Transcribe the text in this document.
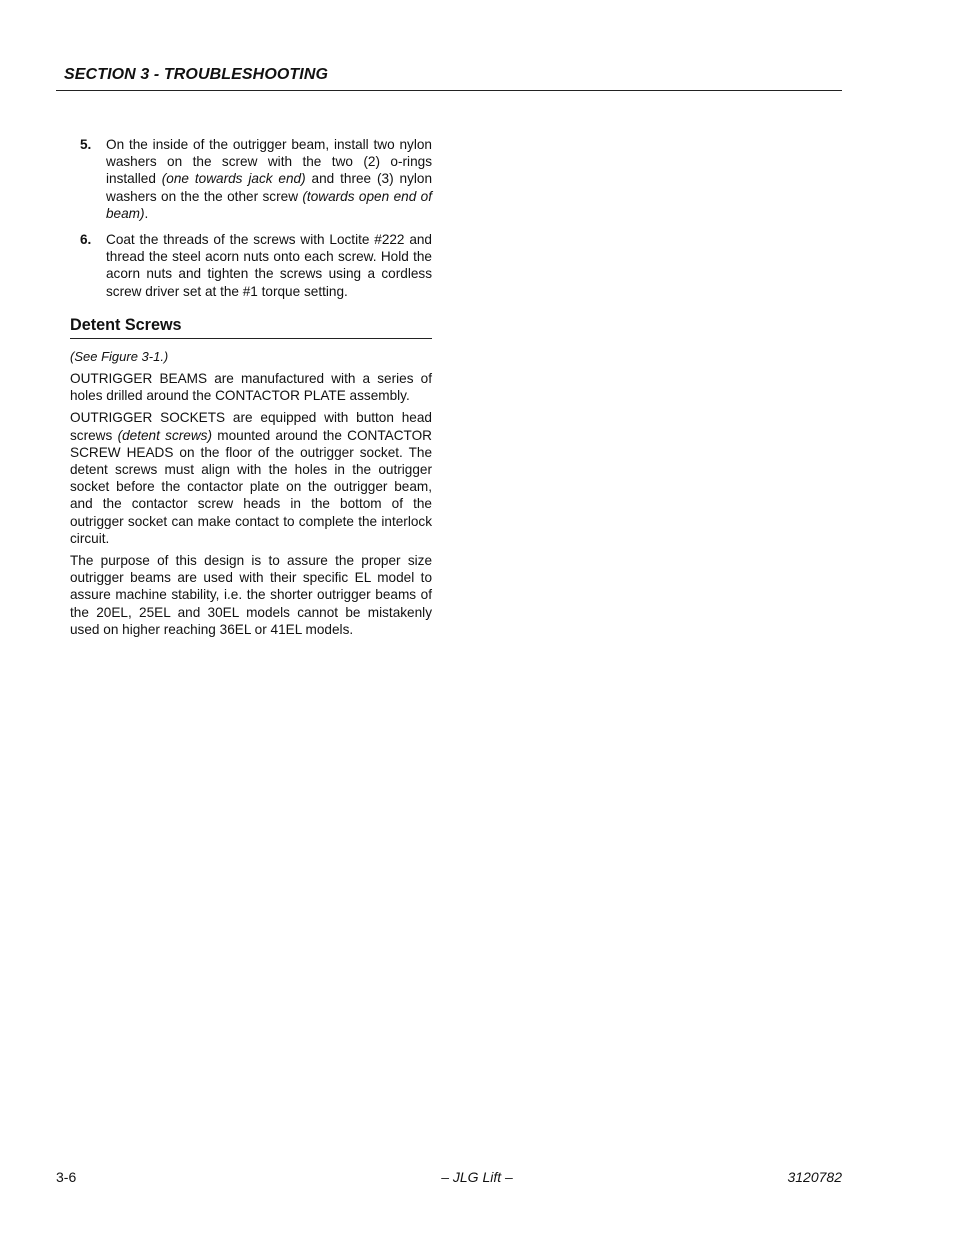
SECTION 3 - TROUBLESHOOTING
5. On the inside of the outrigger beam, install two nylon washers on the screw with the two (2) o-rings installed (one towards jack end) and three (3) nylon washers on the the other screw (towards open end of beam).
6. Coat the threads of the screws with Loctite #222 and thread the steel acorn nuts onto each screw. Hold the acorn nuts and tighten the screws using a cordless screw driver set at the #1 torque setting.
Detent Screws
(See Figure 3-1.)
OUTRIGGER BEAMS are manufactured with a series of holes drilled around the CONTACTOR PLATE assembly.
OUTRIGGER SOCKETS are equipped with button head screws (detent screws) mounted around the CONTACTOR SCREW HEADS on the floor of the outrigger socket. The detent screws must align with the holes in the outrigger socket before the contactor plate on the outrigger beam, and the contactor screw heads in the bottom of the outrigger socket can make contact to complete the interlock circuit.
The purpose of this design is to assure the proper size outrigger beams are used with their specific EL model to assure machine stability, i.e. the shorter outrigger beams of the 20EL, 25EL and 30EL models cannot be mistakenly used on higher reaching 36EL or 41EL models.
3-6	– JLG Lift –	3120782
